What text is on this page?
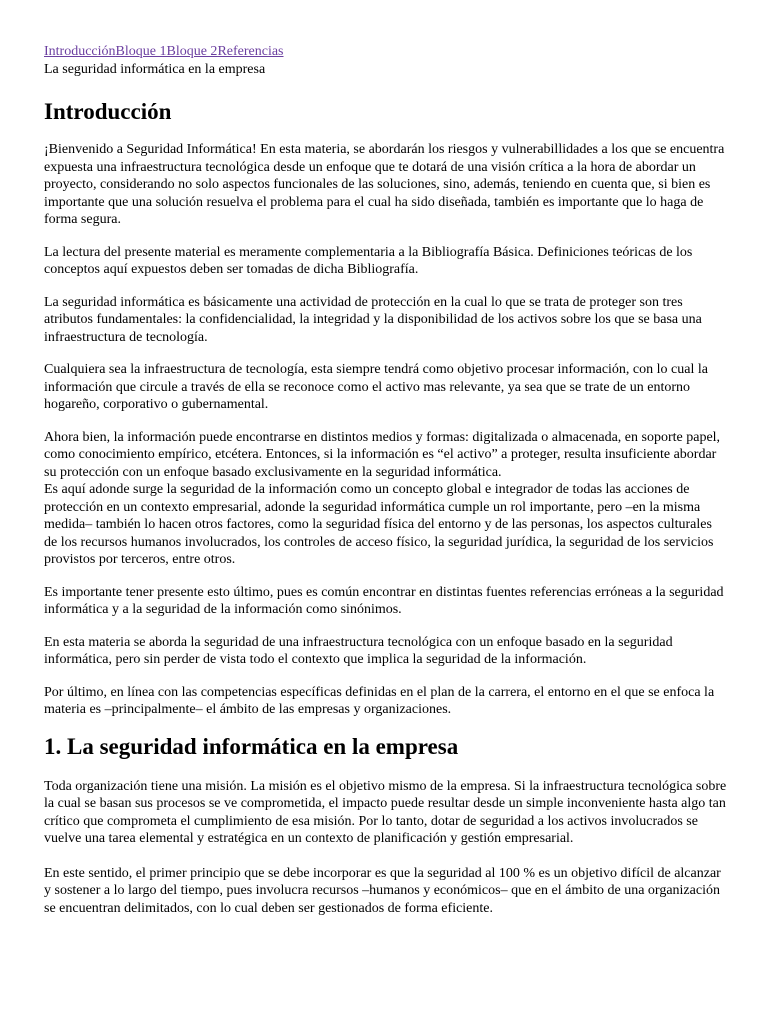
IntroducciónBloque 1Bloque 2Referencias
La seguridad informática en la empresa
Introducción

¡Bienvenido a Seguridad Informática! En esta materia, se abordarán los riesgos y vulnerabillidades a los que se encuentra expuesta una infraestructura tecnológica desde un enfoque que te dotará de una visión crítica a la hora de abordar un proyecto, considerando no solo aspectos funcionales de las soluciones, sino, además, teniendo en cuenta que, si bien es importante que una solución resuelva el problema para el cual ha sido diseñada, también es importante que lo haga de forma segura.

La lectura del presente material es meramente complementaria a la Bibliografía Básica. Definiciones teóricas de los conceptos aquí expuestos deben ser tomadas de dicha Bibliografía.

La seguridad informática es básicamente una actividad de protección en la cual lo que se trata de proteger son tres atributos fundamentales: la confidencialidad, la integridad y la disponibilidad de los activos sobre los que se basa una infraestructura de tecnología.

Cualquiera sea la infraestructura de tecnología, esta siempre tendrá como objetivo procesar información, con lo cual la información que circule a través de ella se reconoce como el activo mas relevante, ya sea que se trate de un entorno hogareño, corporativo o gubernamental.

Ahora bien, la información puede encontrarse en distintos medios y formas: digitalizada o almacenada, en soporte papel, como conocimiento empírico, etcétera. Entonces, si la información es “el activo” a proteger, resulta insuficiente abordar su protección con un enfoque basado exclusivamente en la seguridad informática.

Es aquí adonde surge la seguridad de la información como un concepto global e integrador de todas las acciones de protección en un contexto empresarial, adonde la seguridad informática cumple un rol importante, pero –en la misma medida– también lo hacen otros factores, como la seguridad física del entorno y de las personas, los aspectos culturales de los recursos humanos involucrados, los controles de acceso físico, la seguridad jurídica, la seguridad de los servicios provistos por terceros, entre otros.

Es importante tener presente esto último, pues es común encontrar en distintas fuentes referencias erróneas a la seguridad informática y a la seguridad de la información como sinónimos.

En esta materia se aborda la seguridad de una infraestructura tecnológica con un enfoque basado en la seguridad informática, pero sin perder de vista todo el contexto que implica la seguridad de la información.

Por último, en línea con las competencias específicas definidas en el plan de la carrera, el entorno en el que se enfoca la materia es –principalmente– el ámbito de las empresas y organizaciones.

1. La seguridad informática en la empresa

Toda organización tiene una misión. La misión es el objetivo mismo de la empresa. Si la infraestructura tecnológica sobre la cual se basan sus procesos se ve comprometida, el impacto puede resultar desde un simple inconveniente hasta algo tan crítico que comprometa el cumplimiento de esa misión. Por lo tanto, dotar de seguridad a los activos involucrados se vuelve una tarea elemental y estratégica en un contexto de planificación y gestión empresarial.

En este sentido, el primer principio que se debe incorporar es que la seguridad al 100 % es un objetivo difícil de alcanzar y sostener a lo largo del tiempo, pues involucra recursos –humanos y económicos– que en el ámbito de una organización se encuentran delimitados, con lo cual deben ser gestionados de forma eficiente.
